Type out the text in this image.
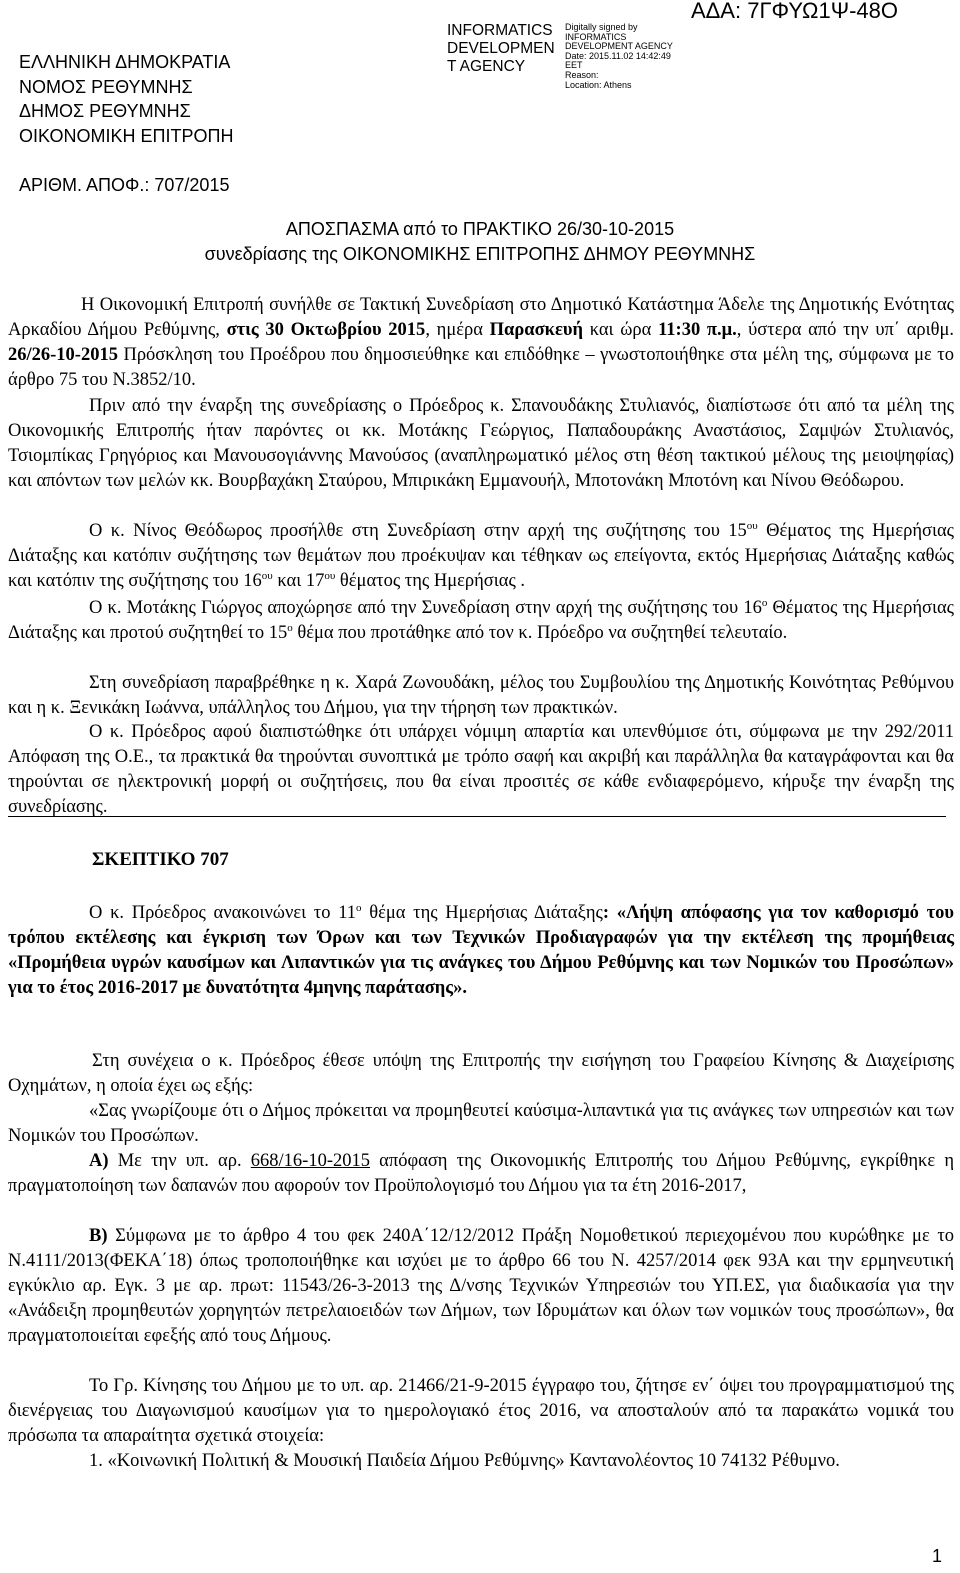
ΑΔΑ: 7ΓΦΥΩ1Ψ-48Ο
INFORMATICS
DEVELOPMEN
T AGENCY
Digitally signed by
INFORMATICS
DEVELOPMENT AGENCY
Date: 2015.11.02 14:42:49
EET
Reason:
Location: Athens
ΕΛΛΗΝΙΚΗ ΔΗΜΟΚΡΑΤΙΑ
ΝΟΜΟΣ ΡΕΘΥΜΝΗΣ
ΔΗΜΟΣ ΡΕΘΥΜΝΗΣ
ΟΙΚΟΝΟΜΙΚΗ ΕΠΙΤΡΟΠΗ
ΑΡΙΘΜ. ΑΠΟΦ.: 707/2015
ΑΠΟΣΠΑΣΜΑ από το ΠΡΑΚΤΙΚΟ 26/30-10-2015
συνεδρίασης της ΟΙΚΟΝΟΜΙΚΗΣ ΕΠΙΤΡΟΠΗΣ ΔΗΜΟΥ ΡΕΘΥΜΝΗΣ

Η Οικονομική Επιτροπή συνήλθε σε Τακτική Συνεδρίαση στο Δημοτικό Κατάστημα Άδελε της Δημοτικής Ενότητας Αρκαδίου Δήμου Ρεθύμνης, στις 30 Οκτωβρίου 2015, ημέρα Παρασκευή και ώρα 11:30 π.μ., ύστερα από την υπ΄ αριθμ. 26/26-10-2015 Πρόσκληση του Προέδρου που δημοσιεύθηκε και επιδόθηκε – γνωστοποιήθηκε στα μέλη της, σύμφωνα με το άρθρο 75 του Ν.3852/10.

Πριν από την έναρξη της συνεδρίασης ο Πρόεδρος κ. Σπανουδάκης Στυλιανός, διαπίστωσε ότι από τα μέλη της Οικονομικής Επιτροπής ήταν παρόντες οι κκ. Μοτάκης Γεώργιος, Παπαδουράκης Αναστάσιος, Σαμψών Στυλιανός, Τσιομπίκας Γρηγόριος και Μανουσογιάννης Μανούσος (αναπληρωματικό μέλος στη θέση τακτικού μέλους της μειοψηφίας) και απόντων των μελών κκ. Βουρβαχάκη Σταύρου, Μπιρικάκη Εμμανουήλ, Μποτονάκη Μποτόνη και Νίνου Θεόδωρου.

Ο κ. Νίνος Θεόδωρος προσήλθε στη Συνεδρίαση στην αρχή της συζήτησης του $15^{o\upsilon}$ Θέματος της Ημερήσιας Διάταξης και κατόπιν συζήτησης των θεμάτων που προέκυψαν και τέθηκαν ως επείγοντα, εκτός Ημερήσιας Διάταξης καθώς και κατόπιν της συζήτησης του $16^{o\upsilon}$ και $17^{o\upsilon}$ θέματος της Ημερήσιας .

Ο κ. Μοτάκης Γιώργος αποχώρησε από την Συνεδρίαση στην αρχή της συζήτησης του $16^o$ Θέματος της Ημερήσιας Διάταξης και προτού συζητηθεί το $15^o$ θέμα που προτάθηκε από τον κ. Πρόεδρο να συζητηθεί τελευταίο.

Στη συνεδρίαση παραβρέθηκε η κ. Χαρά Ζωνουδάκη, μέλος του Συμβουλίου της Δημοτικής Κοινότητας Ρεθύμνου και η κ. Ξενικάκη Ιωάννα, υπάλληλος του Δήμου, για την τήρηση των πρακτικών.

Ο κ. Πρόεδρος αφού διαπιστώθηκε ότι υπάρχει νόμιμη απαρτία και υπενθύμισε ότι, σύμφωνα με την 292/2011 Απόφαση της Ο.Ε., τα πρακτικά θα τηρούνται συνοπτικά με τρόπο σαφή και ακριβή και παράλληλα θα καταγράφονται και θα τηρούνται σε ηλεκτρονική μορφή οι συζητήσεις, που θα είναι προσιτές σε κάθε ενδιαφερόμενο, κήρυξε την έναρξη της συνεδρίασης.

ΣΚΕΠΤΙΚΟ 707

Ο κ. Πρόεδρος ανακοινώνει το $11^o$ θέμα της Ημερήσιας Διάταξης: «Λήψη απόφασης για τον καθορισμό του τρόπου εκτέλεσης και έγκριση των Όρων και των Τεχνικών Προδιαγραφών για την εκτέλεση της προμήθειας «Προμήθεια υγρών καυσίμων και Λιπαντικών για τις ανάγκες του Δήμου Ρεθύμνης και των Νομικών του Προσώπων» για το έτος 2016-2017 με δυνατότητα 4μηνης παράτασης».

Στη συνέχεια ο κ. Πρόεδρος έθεσε υπόψη της Επιτροπής την εισήγηση του Γραφείου Κίνησης & Διαχείρισης Οχημάτων, η οποία έχει ως εξής:

«Σας γνωρίζουμε ότι ο Δήμος πρόκειται να προμηθευτεί καύσιμα-λιπαντικά για τις ανάγκες των υπηρεσιών και των Νομικών του Προσώπων.

Α) Με την υπ. αρ. 668/16-10-2015 απόφαση της Οικονομικής Επιτροπής του Δήμου Ρεθύμνης, εγκρίθηκε η πραγματοποίηση των δαπανών που αφορούν τον Προϋπολογισμό του Δήμου για τα έτη 2016-2017,

Β) Σύμφωνα με το άρθρο 4 του φεκ 240Α΄12/12/2012 Πράξη Νομοθετικού περιεχομένου που κυρώθηκε με το Ν.4111/2013(ΦΕΚΑ΄18) όπως τροποποιήθηκε και ισχύει με το άρθρο 66 του Ν. 4257/2014 φεκ 93Α και την ερμηνευτική εγκύκλιο αρ. Εγκ. 3 με αρ. πρωτ: 11543/26-3-2013 της Δ/νσης Τεχνικών Υπηρεσιών του ΥΠ.ΕΣ, για διαδικασία για την «Ανάδειξη προμηθευτών χορηγητών πετρελαιοειδών των Δήμων, των Ιδρυμάτων και όλων των νομικών τους προσώπων», θα πραγματοποιείται εφεξής από τους Δήμους.

Το Γρ. Κίνησης του Δήμου με το υπ. αρ. 21466/21-9-2015 έγγραφο του, ζήτησε εν΄ όψει του προγραμματισμού της διενέργειας του Διαγωνισμού καυσίμων για το ημερολογιακό έτος 2016, να αποσταλούν από τα παρακάτω νομικά του πρόσωπα τα απαραίτητα σχετικά στοιχεία:

1. «Κοινωνική Πολιτική & Μουσική Παιδεία Δήμου Ρεθύμνης» Καντανολέοντος 10 74132 Ρέθυμνο.

1
